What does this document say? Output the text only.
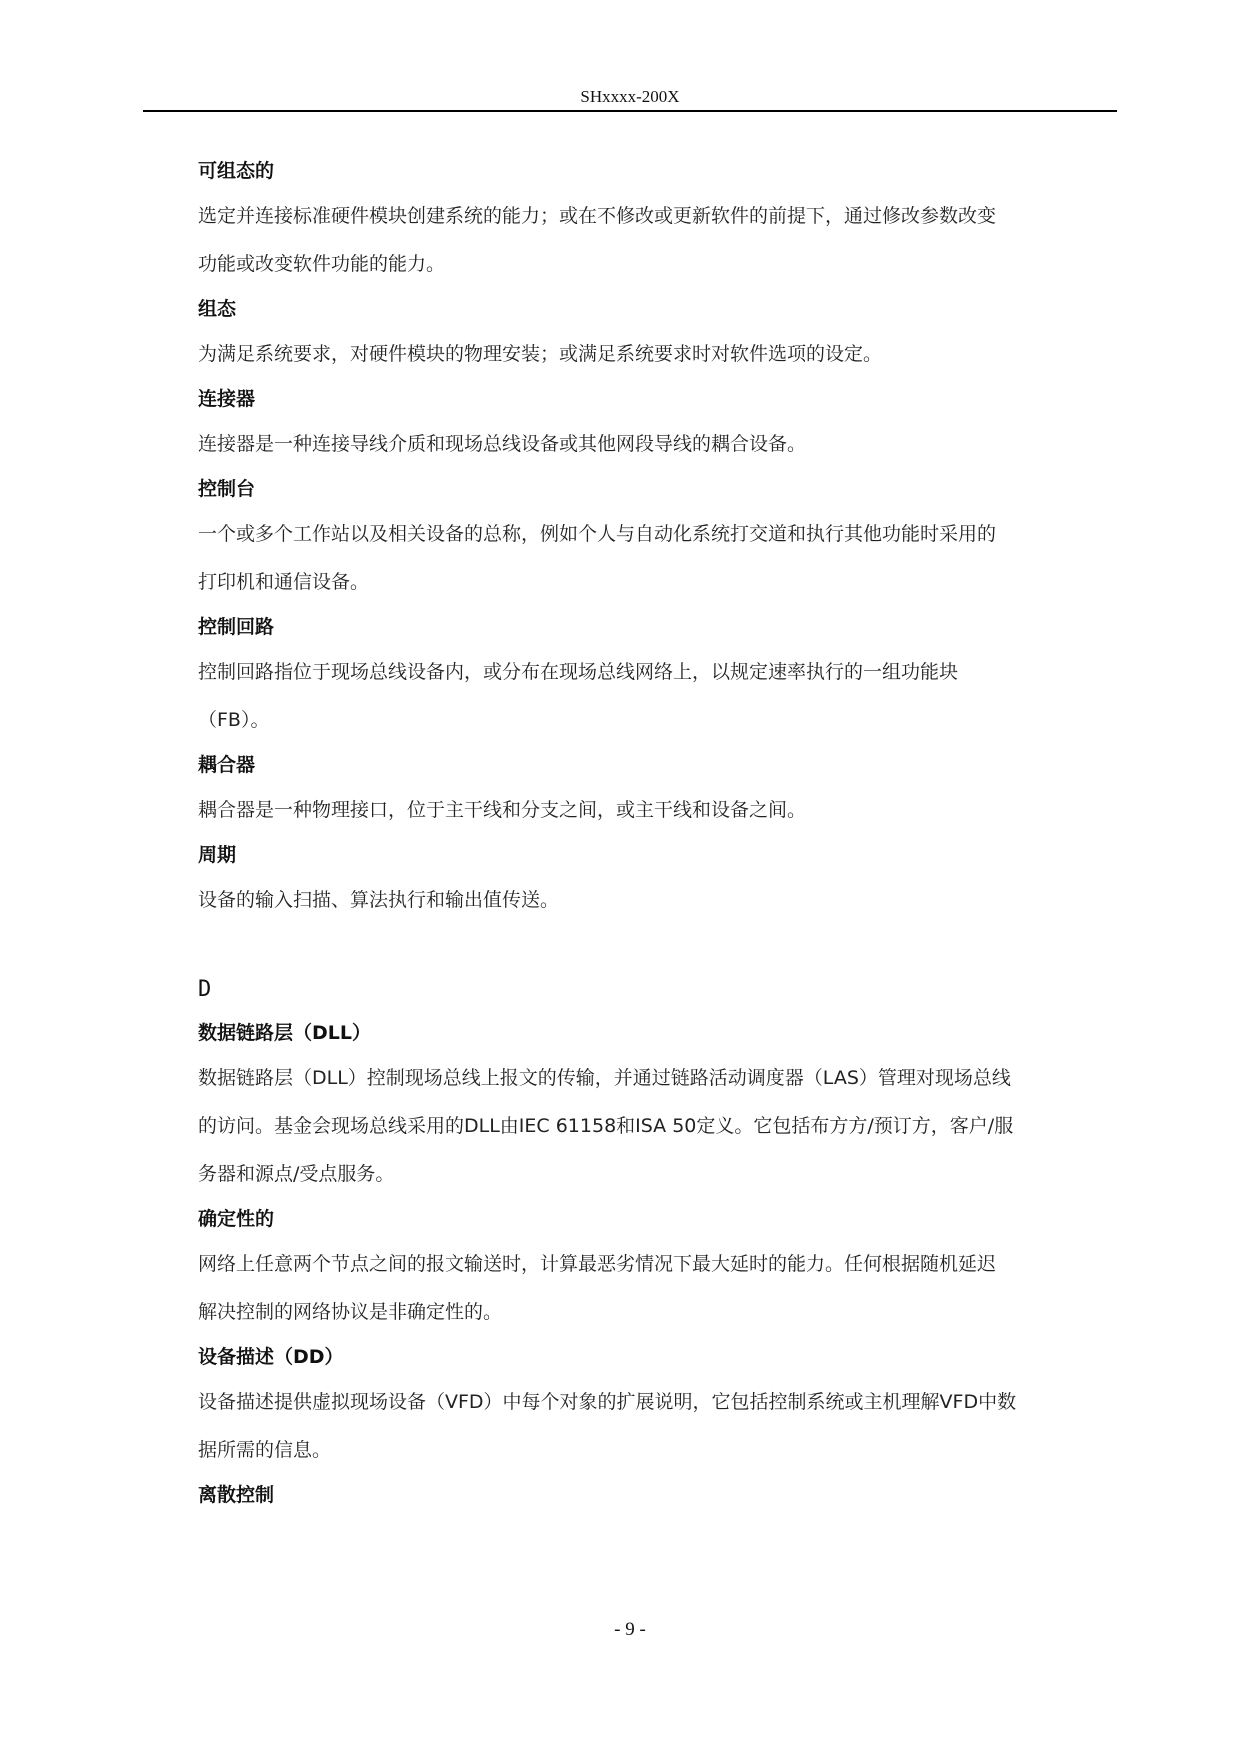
SHxxxx-200X

可组态的

选定并连接标准硬件模块创建系统的能力；或在不修改或更新软件的前提下，通过修改参数改变

功能或改变软件功能的能力。

组态

为满足系统要求，对硬件模块的物理安装；或满足系统要求时对软件选项的设定。

连接器

连接器是一种连接导线介质和现场总线设备或其他网段导线的耦合设备。

控制台

一个或多个工作站以及相关设备的总称，例如个人与自动化系统打交道和执行其他功能时采用的

打印机和通信设备。

控制回路

控制回路指位于现场总线设备内，或分布在现场总线网络上，以规定速率执行的一组功能块

（FB）。

耦合器

耦合器是一种物理接口，位于主干线和分支之间，或主干线和设备之间。

周期

设备的输入扫描、算法执行和输出值传送。

D

数据链路层（DLL）

数据链路层（DLL）控制现场总线上报文的传输，并通过链路活动调度器（LAS）管理对现场总线

的访问。基金会现场总线采用的DLL由IEC 61158和ISA 50定义。它包括布方方/预订方，客户/服

务器和源点/受点服务。

确定性的

网络上任意两个节点之间的报文输送时，计算最恶劣情况下最大延时的能力。任何根据随机延迟

解决控制的网络协议是非确定性的。

设备描述（DD）

设备描述提供虚拟现场设备（VFD）中每个对象的扩展说明，它包括控制系统或主机理解VFD中数

据所需的信息。

离散控制

- 9 -
